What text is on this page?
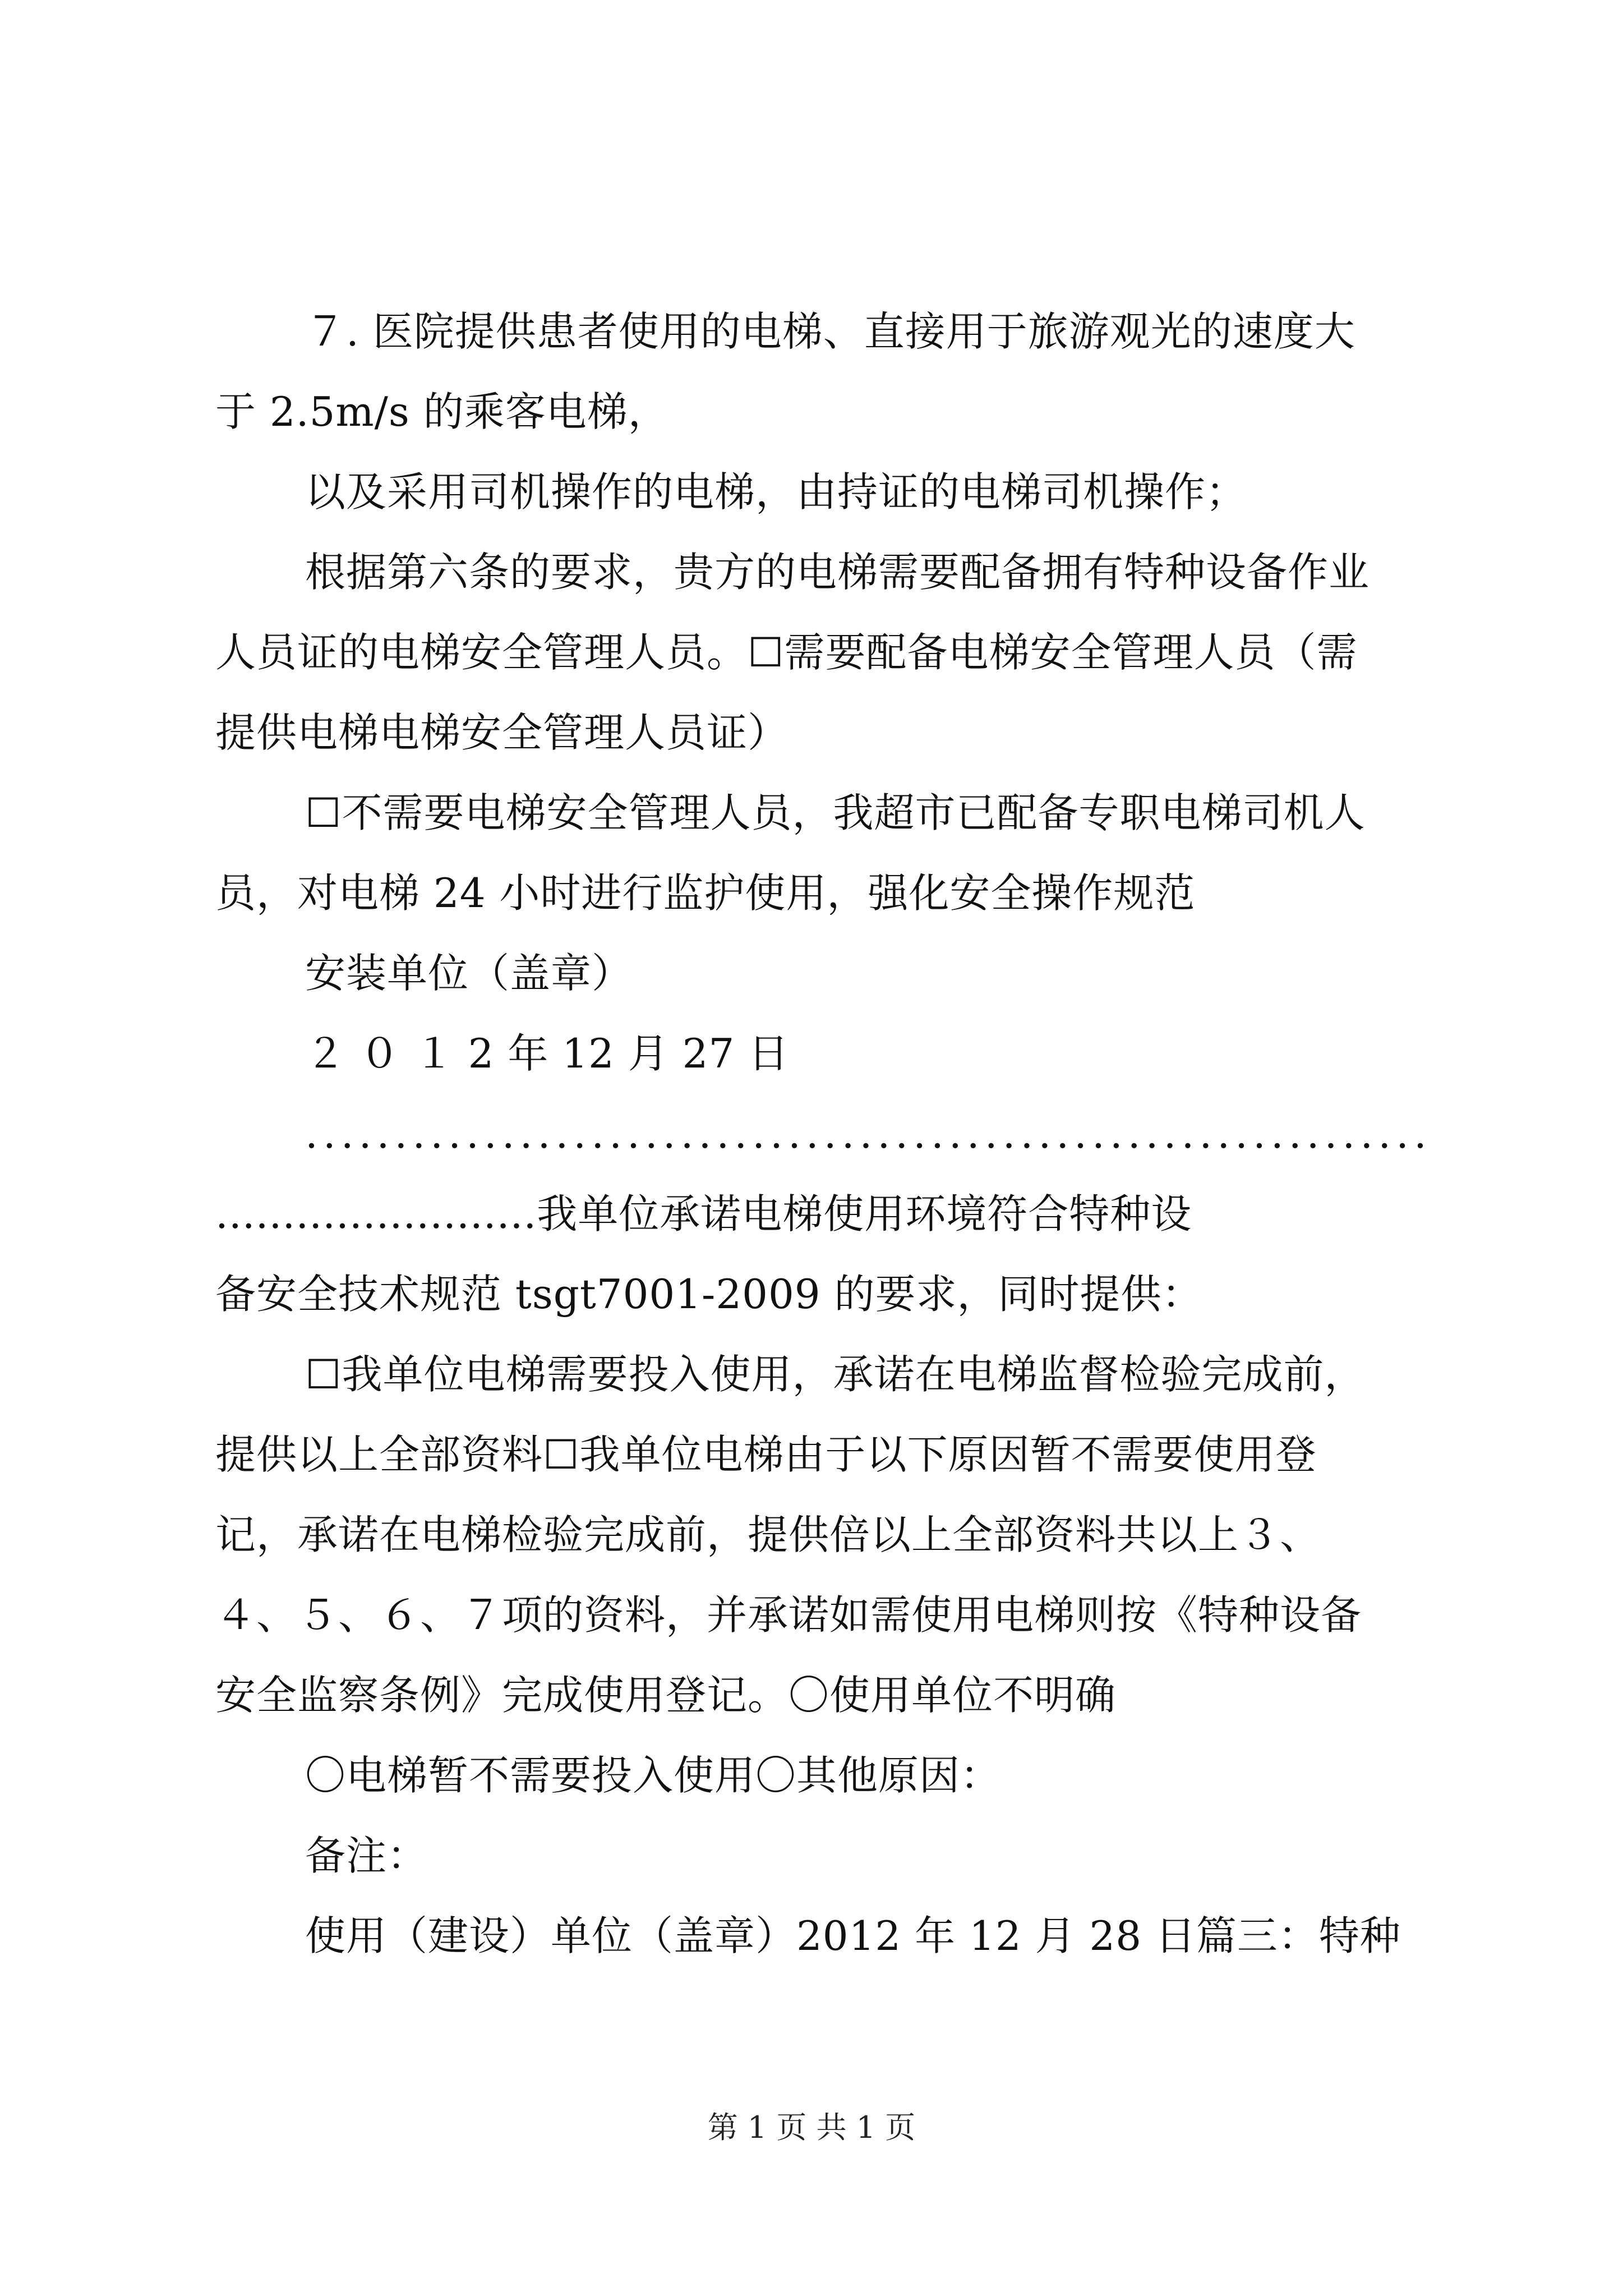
７. 医院提供患者使用的电梯、直接用于旅游观光的速度大
于 2.5m/s 的乘客电梯，
以及采用司机操作的电梯，由持证的电梯司机操作；
根据第六条的要求，贵方的电梯需要配备拥有特种设备作业
人员证的电梯安全管理人员。☐需要配备电梯安全管理人员（需
提供电梯电梯安全管理人员证）
☐不需要电梯安全管理人员，我超市已配备专职电梯司机人
员，对电梯 24 小时进行监护使用，强化安全操作规范
安装单位（盖章）
２ ０ １ 2 年 12 月 27 日
...............................................................
........................我单位承诺电梯使用环境符合特种设
备安全技术规范 tsgt7001-2009 的要求，同时提供：
☐我单位电梯需要投入使用，承诺在电梯监督检验完成前，
提供以上全部资料☐我单位电梯由于以下原因暂不需要使用登
记，承诺在电梯检验完成前，提供倍以上全部资料共以上３、
４、５、６、７项的资料，并承诺如需使用电梯则按《特种设备
安全监察条例》完成使用登记。〇使用单位不明确
〇电梯暂不需要投入使用〇其他原因：
备注：
使用（建设）单位（盖章）2012 年 12 月 28 日篇三：特种
第 1 页 共 1 页
